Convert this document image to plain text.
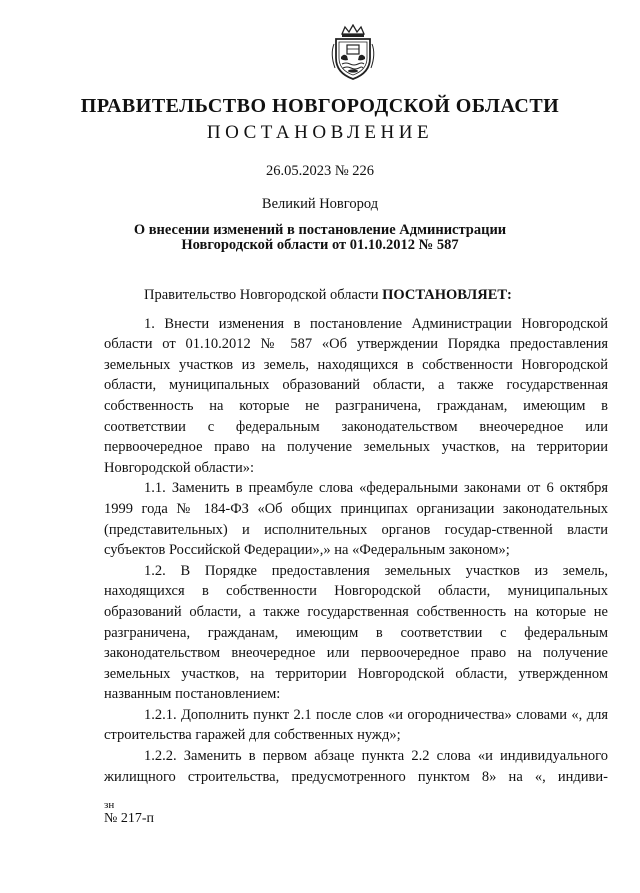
ПРАВИТЕЛЬСТВО НОВГОРОДСКОЙ ОБЛАСТИ
ПОСТАНОВЛЕНИЕ
26.05.2023 № 226
Великий Новгород
О внесении изменений в постановление Администрации
Новгородской области от 01.10.2012 № 587

Правительство Новгородской области ПОСТАНОВЛЯЕТ:

1. Внести изменения в постановление Администрации Новгородской области от 01.10.2012 № 587 «Об утверждении Порядка предоставления земельных участков из земель, находящихся в собственности Новгородской области, муниципальных образований области, а также государственная собственность на которые не разграничена, гражданам, имеющим в соответствии с федеральным законодательством внеочередное или первоочередное право на получение земельных участков, на территории Новгородской области»:

1.1. Заменить в преамбуле слова «федеральными законами от 6 октября 1999 года № 184-ФЗ «Об общих принципах организации законодательных (представительных) и исполнительных органов государ-ственной власти субъектов Российской Федерации»,» на «Федеральным законом»;

1.2. В Порядке предоставления земельных участков из земель, находящихся в собственности Новгородской области, муниципальных образований области, а также государственная собственность на которые не разграничена, гражданам, имеющим в соответствии с федеральным законодательством внеочередное или первоочередное право на получение земельных участков, на территории Новгородской области, утвержденном названным постановлением:

1.2.1. Дополнить пункт 2.1 после слов «и огородничества» словами «, для строительства гаражей для собственных нужд»;

1.2.2. Заменить в первом абзаце пункта 2.2 слова «и индивидуального жилищного строительства, предусмотренного пунктом 8» на «, индиви-

зн
№ 217-п
